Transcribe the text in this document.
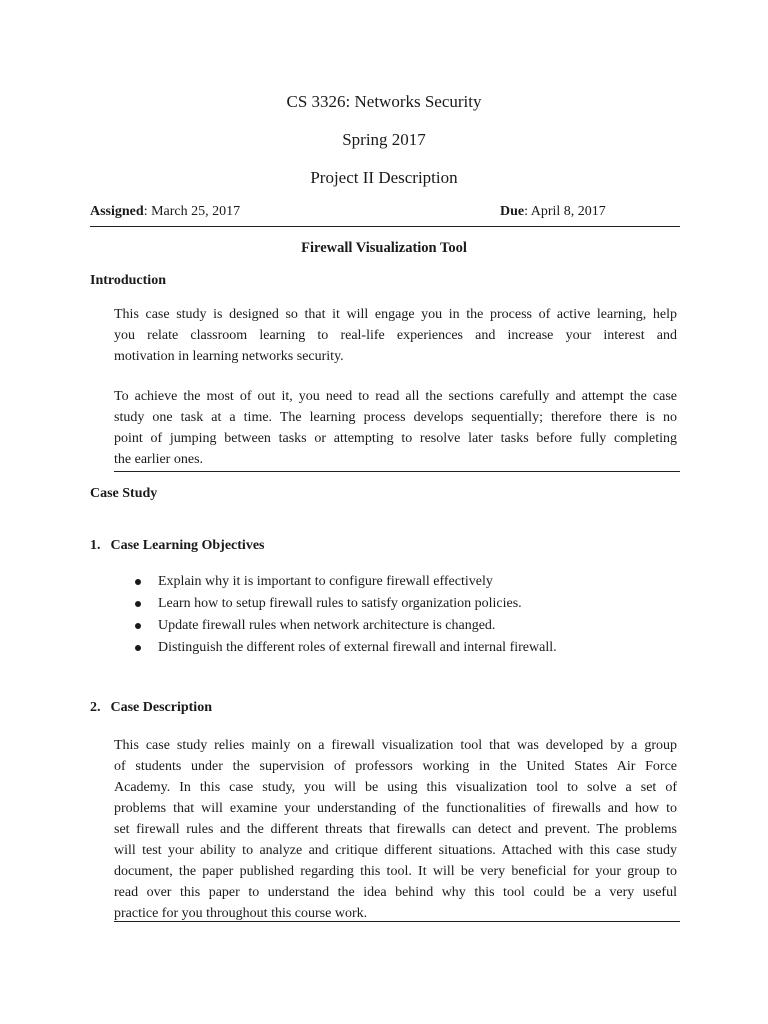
CS 3326: Networks Security
Spring 2017
Project II Description
Assigned: March 25, 2017	Due: April 8, 2017
Firewall Visualization Tool
Introduction
This case study is designed so that it will engage you in the process of active learning, help
you relate classroom learning to real-life experiences and increase your interest and
motivation in learning networks security.
To achieve the most of out it, you need to read all the sections carefully and attempt the case
study one task at a time. The learning process develops sequentially; therefore there is no
point of jumping between tasks or attempting to resolve later tasks before fully completing
the earlier ones.
Case Study
1. Case Learning Objectives
Explain why it is important to configure firewall effectively
Learn how to setup firewall rules to satisfy organization policies.
Update firewall rules when network architecture is changed.
Distinguish the different roles of external firewall and internal firewall.
2. Case Description
This case study relies mainly on a firewall visualization tool that was developed by a group
of students under the supervision of professors working in the United States Air Force
Academy. In this case study, you will be using this visualization tool to solve a set of
problems that will examine your understanding of the functionalities of firewalls and how to
set firewall rules and the different threats that firewalls can detect and prevent. The problems
will test your ability to analyze and critique different situations. Attached with this case study
document, the paper published regarding this tool. It will be very beneficial for your group to
read over this paper to understand the idea behind why this tool could be a very useful
practice for you throughout this course work.
